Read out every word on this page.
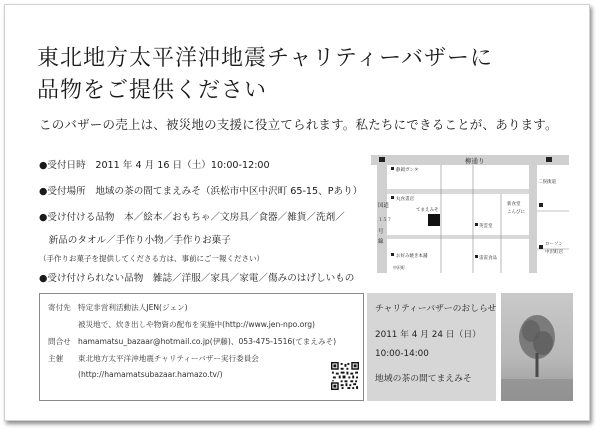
東北地方太平洋沖地震チャリティーバザーに
品物をご提供ください
このバザーの売上は、被災地の支援に役立てられます。私たちにできることが、あります。
●受付日時　2011 年 4 月 16 日（土）10:00-12:00
●受付場所　地域の茶の間てまえみそ（浜松市中区中沢町 65-15、Pあり）
●受け付ける品物　本／絵本／おもちゃ／文房具／食器／雑貨／洗剤／
　新品のタオル／手作り小物／手作りお菓子
（手作りお菓子を提供してくださる方は、事前にご一報ください）
●受け付けられない品物　雑誌／洋服／家具／家電／傷みのはげしいもの
柳通り
静岡ガンタ
丸食書店
お好み焼き本舗
てまえみそ
英雲堂
雷雷食品
新食堂
こんびに
ローソン
中沢町店
国道
１５７
号
線
二俣街道
中沢町
寄付先 特定非営利活動法人JEN(ジェン)
被災地で、炊き出しや物資の配布を実施中(http://www.jen-npo.org)
問合せ hamamatsu_bazaar@hotmail.co.jp(伊藤)、053-475-1516(てまえみそ)
主催 東北地方太平洋沖地震チャリティーバザー実行委員会
(http://hamamatsubazaar.hamazo.tv/)
チャリティーバザーのおしらせ
2011 年 4 月 24 日（日）
10:00-14:00
地域の茶の間てまえみそ
